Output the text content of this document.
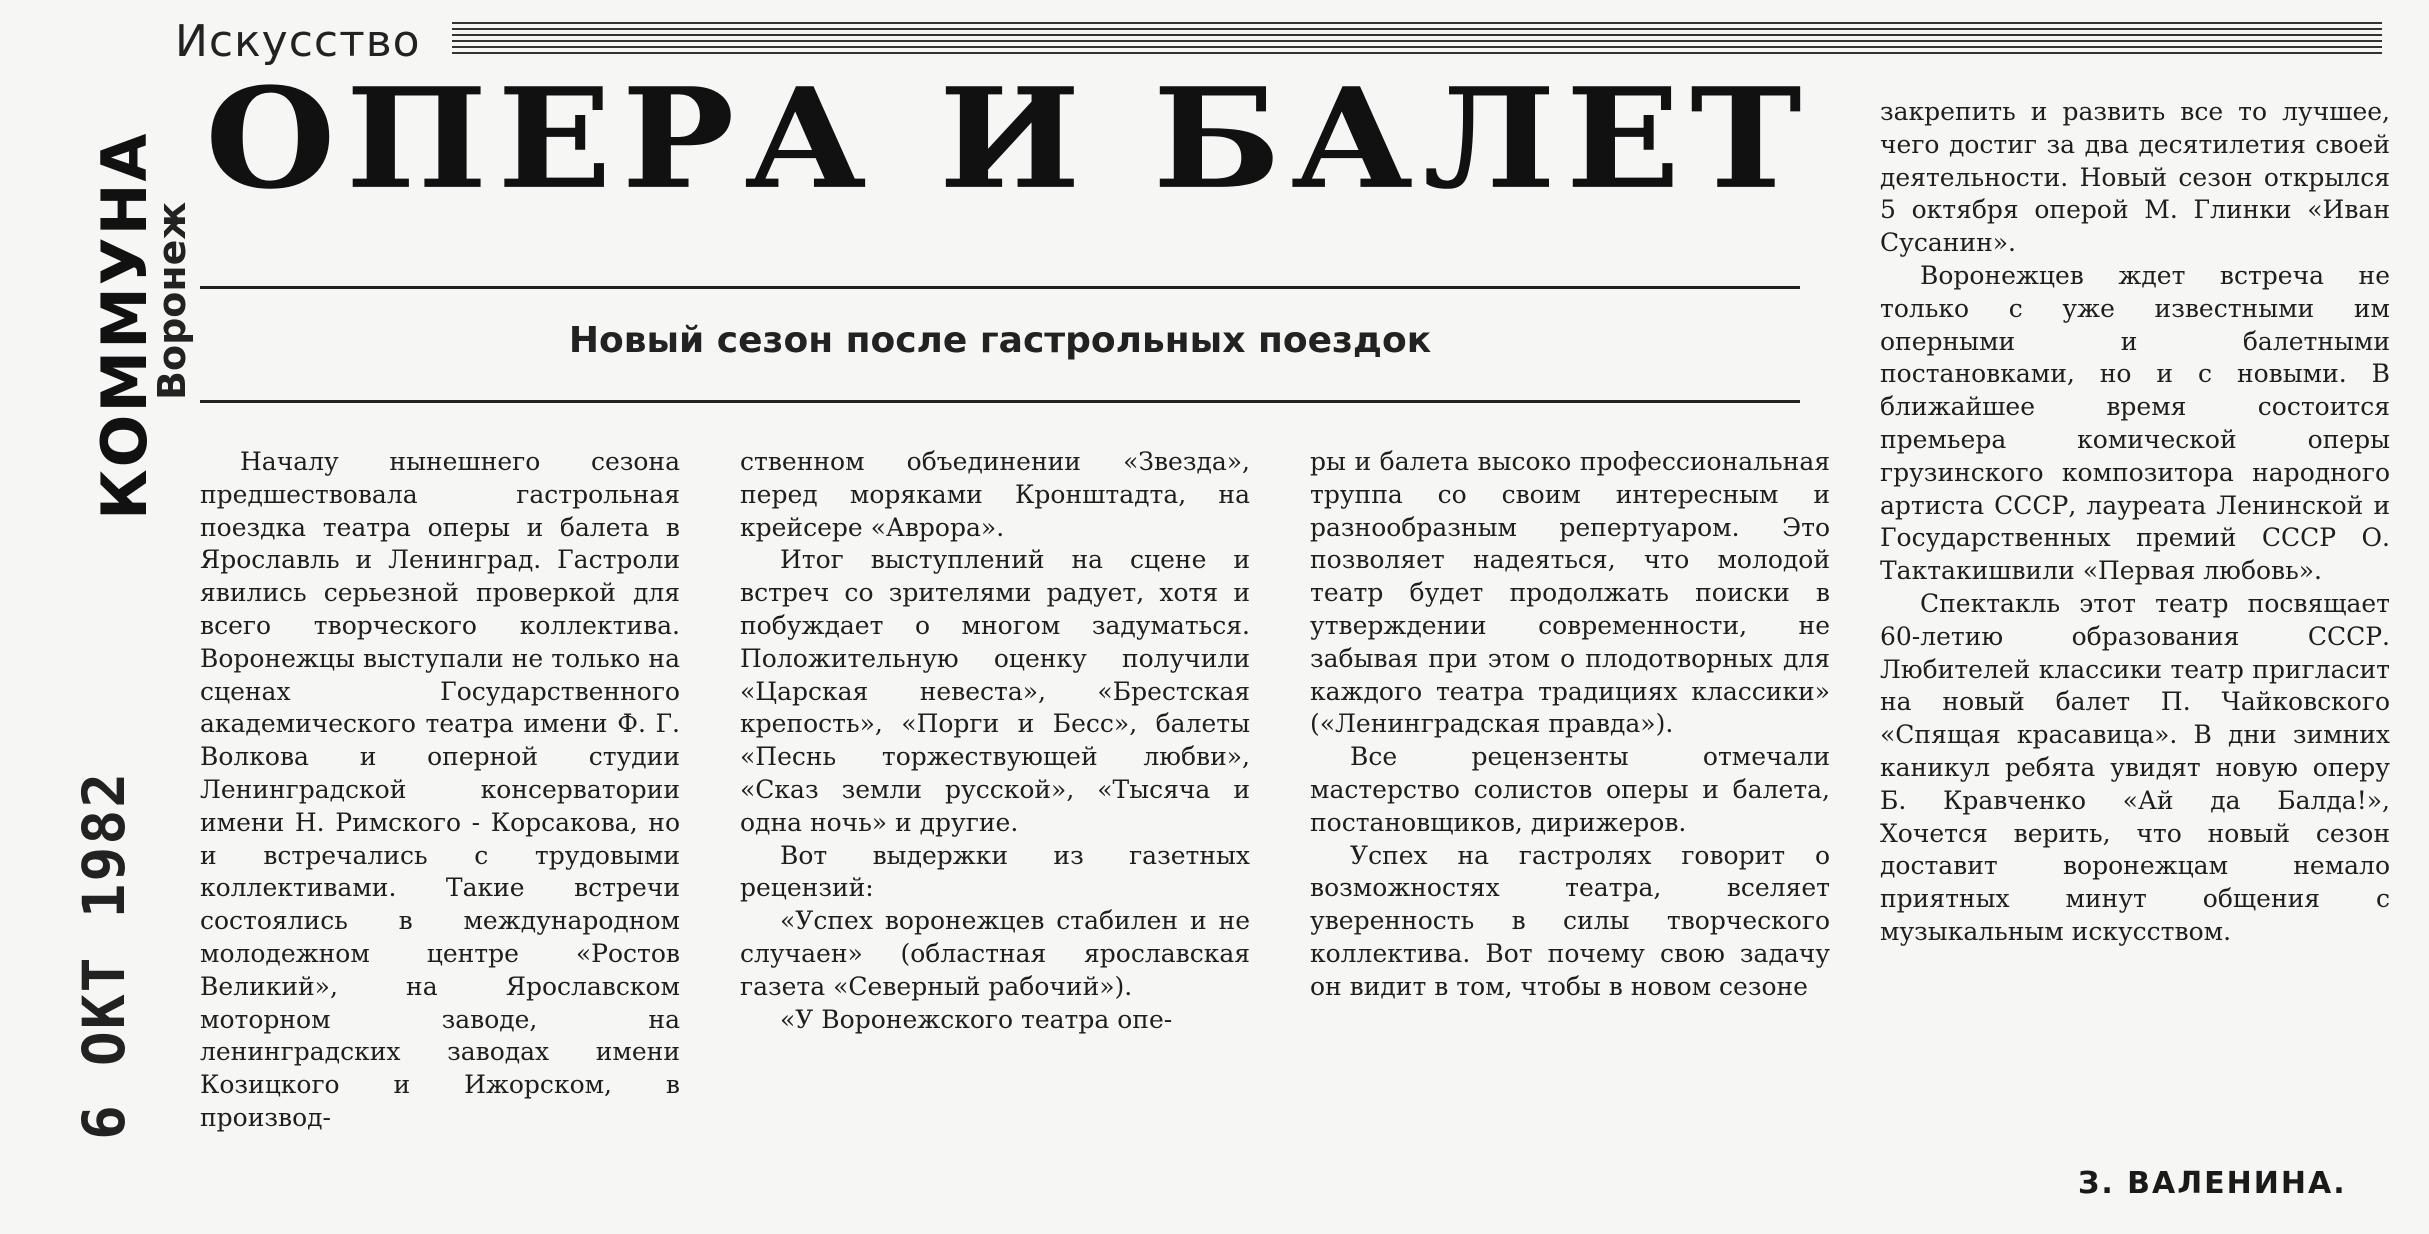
Искусство
ОПЕРА И БАЛЕТ
Новый сезон после гастрольных поездок
КОММУНА
Воронеж
6 ОКТ 1982

Началу нынешнего сезона предшествовала гастрольная поездка театра оперы и балета в Ярославль и Ленинград. Гастроли явились серьезной проверкой для всего творческого коллектива. Воронежцы выступали не только на сценах Государственного академического театра имени Ф. Г. Волкова и оперной студии Ленинградской консерватории имени Н. Римского - Корсакова, но и встречались с трудовыми коллективами. Такие встречи состоялись в международном молодежном центре «Ростов Великий», на Ярославском моторном заводе, на ленинградских заводах имени Козицкого и Ижорском, в производ-

ственном объединении «Звезда», перед моряками Кронштадта, на крейсере «Аврора».

Итог выступлений на сцене и встреч со зрителями радует, хотя и побуждает о многом задуматься. Положительную оценку получили «Царская невеста», «Брестская крепость», «Порги и Бесс», балеты «Песнь торжествующей любви», «Сказ земли русской», «Тысяча и одна ночь» и другие.

Вот выдержки из газетных рецензий:

«Успех воронежцев стабилен и не случаен» (областная ярославская газета «Северный рабочий»).

«У Воронежского театра опе-

ры и балета высоко профессиональная труппа со своим интересным и разнообразным репертуаром. Это позволяет надеяться, что молодой театр будет продолжать поиски в утверждении современности, не забывая при этом о плодотворных для каждого театра традициях классики» («Ленинградская правда»).

Все рецензенты отмечали мастерство солистов оперы и балета, постановщиков, дирижеров.

Успех на гастролях говорит о возможностях театра, вселяет уверенность в силы творческого коллектива. Вот почему свою задачу он видит в том, чтобы в новом сезоне

закрепить и развить все то лучшее, чего достиг за два десятилетия своей деятельности. Новый сезон открылся 5 октября оперой М. Глинки «Иван Сусанин».

Воронежцев ждет встреча не только с уже известными им оперными и балетными постановками, но и с новыми. В ближайшее время состоится премьера комической оперы грузинского композитора народного артиста СССР, лауреата Ленинской и Государственных премий СССР О. Тактакишвили «Первая любовь».

Спектакль этот театр посвящает 60-летию образования СССР. Любителей классики театр пригласит на новый балет П. Чайковского «Спящая красавица». В дни зимних каникул ребята увидят новую оперу Б. Кравченко «Ай да Балда!», Хочется верить, что новый сезон доставит воронежцам немало приятных минут общения с музыкальным искусством.

З. ВАЛЕНИНА.
